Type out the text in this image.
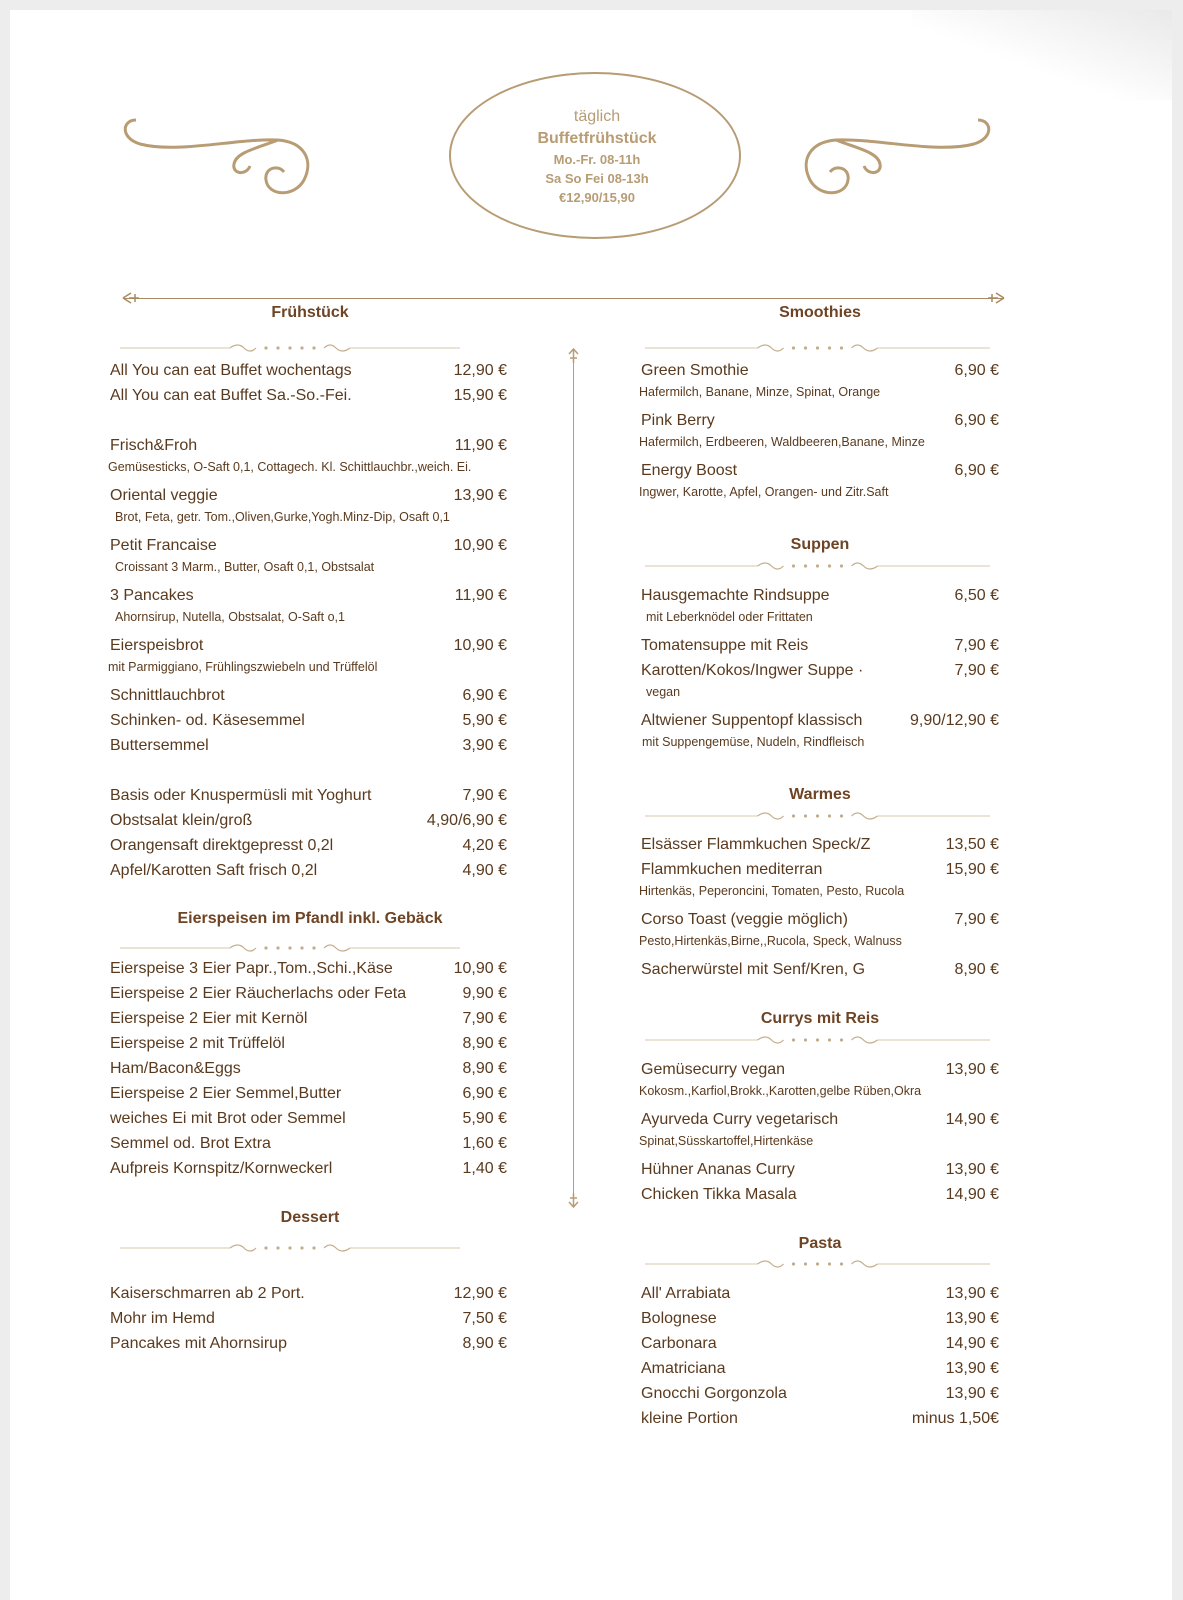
täglich
Buffetfrühstück
Mo.-Fr. 08-11h
Sa So Fei 08-13h
€12,90/15,90
Frühstück
All You can eat Buffet wochentags	12,90 €
All You can eat Buffet Sa.-So.-Fei.	15,90 €
Frisch&Froh	11,90 €
Gemüsesticks, O-Saft 0,1, Cottagech. Kl. Schittlauchbr.,weich. Ei.
Oriental veggie	13,90 €
Brot, Feta, getr. Tom.,Oliven,Gurke,Yogh.Minz-Dip, Osaft 0,1
Petit Francaise	10,90 €
Croissant 3 Marm., Butter, Osaft 0,1, Obstsalat
3 Pancakes	11,90 €
Ahornsirup, Nutella, Obstsalat, O-Saft o,1
Eierspeisbrot	10,90 €
mit Parmiggiano, Frühlingszwiebeln und Trüffelöl
Schnittlauchbrot	6,90 €
Schinken- od. Käsesemmel	5,90 €
Buttersemmel	3,90 €
Basis oder Knuspermüsli mit Yoghurt	7,90 €
Obstsalat klein/groß	4,90/6,90 €
Orangensaft direktgepresst 0,2l	4,20 €
Apfel/Karotten Saft frisch 0,2l	4,90 €
Eierspeisen im Pfandl inkl. Gebäck
Eierspeise 3 Eier Papr.,Tom.,Schi.,Käse	10,90 €
Eierspeise 2 Eier Räucherlachs oder Feta	9,90 €
Eierspeise 2 Eier mit Kernöl	7,90 €
Eierspeise 2 mit Trüffelöl	8,90 €
Ham/Bacon&Eggs	8,90 €
Eierspeise 2 Eier Semmel,Butter	6,90 €
weiches Ei mit Brot oder Semmel	5,90 €
Semmel od. Brot Extra	1,60 €
Aufpreis Kornspitz/Kornweckerl	1,40 €
Dessert
Kaiserschmarren ab 2 Port.	12,90 €
Mohr im Hemd	7,50 €
Pancakes mit Ahornsirup	8,90 €
Smoothies
Green Smothie	6,90 €
Hafermilch, Banane, Minze, Spinat, Orange
Pink Berry	6,90 €
Hafermilch, Erdbeeren, Waldbeeren,Banane, Minze
Energy Boost	6,90 €
Ingwer, Karotte, Apfel, Orangen- und Zitr.Saft
Suppen
Hausgemachte Rindsuppe	6,50 €
mit Leberknödel oder Frittaten
Tomatensuppe mit Reis	7,90 €
Karotten/Kokos/Ingwer Suppe ·	7,90 €
vegan
Altwiener Suppentopf klassisch	9,90/12,90 €
mit Suppengemüse, Nudeln, Rindfleisch
Warmes
Elsässer Flammkuchen Speck/Z	13,50 €
Flammkuchen mediterran	15,90 €
Hirtenkäs, Peperoncini, Tomaten, Pesto, Rucola
Corso Toast (veggie möglich)	7,90 €
Pesto,Hirtenkäs,Birne,,Rucola, Speck, Walnuss
Sacherwürstel mit Senf/Kren, G	8,90 €
Currys mit Reis
Gemüsecurry vegan	13,90 €
Kokosm.,Karfiol,Brokk.,Karotten,gelbe Rüben,Okra
Ayurveda Curry vegetarisch	14,90 €
Spinat,Süsskartoffel,Hirtenkäse
Hühner Ananas Curry	13,90 €
Chicken Tikka Masala	14,90 €
Pasta
All' Arrabiata	13,90 €
Bolognese	13,90 €
Carbonara	14,90 €
Amatriciana	13,90 €
Gnocchi Gorgonzola	13,90 €
kleine Portion	minus 1,50€
